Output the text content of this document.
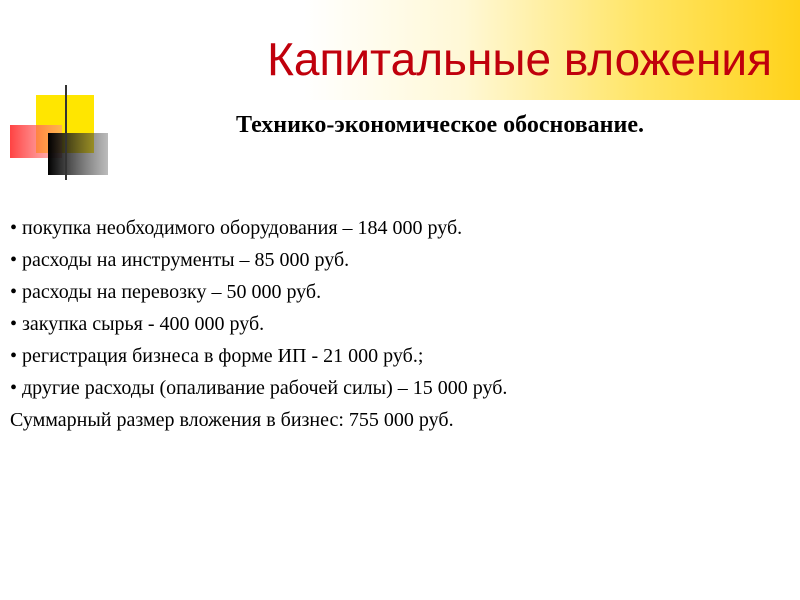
Капитальные вложения
Технико-экономическое обоснование.
• покупка необходимого оборудования – 184 000 руб.
• расходы на инструменты – 85 000 руб.
• расходы на перевозку – 50 000 руб.
• закупка сырья - 400 000 руб.
• регистрация бизнеса в форме ИП - 21 000 руб.;
• другие расходы (опаливание рабочей силы) – 15 000 руб.
Суммарный размер вложения в бизнес: 755 000 руб.
